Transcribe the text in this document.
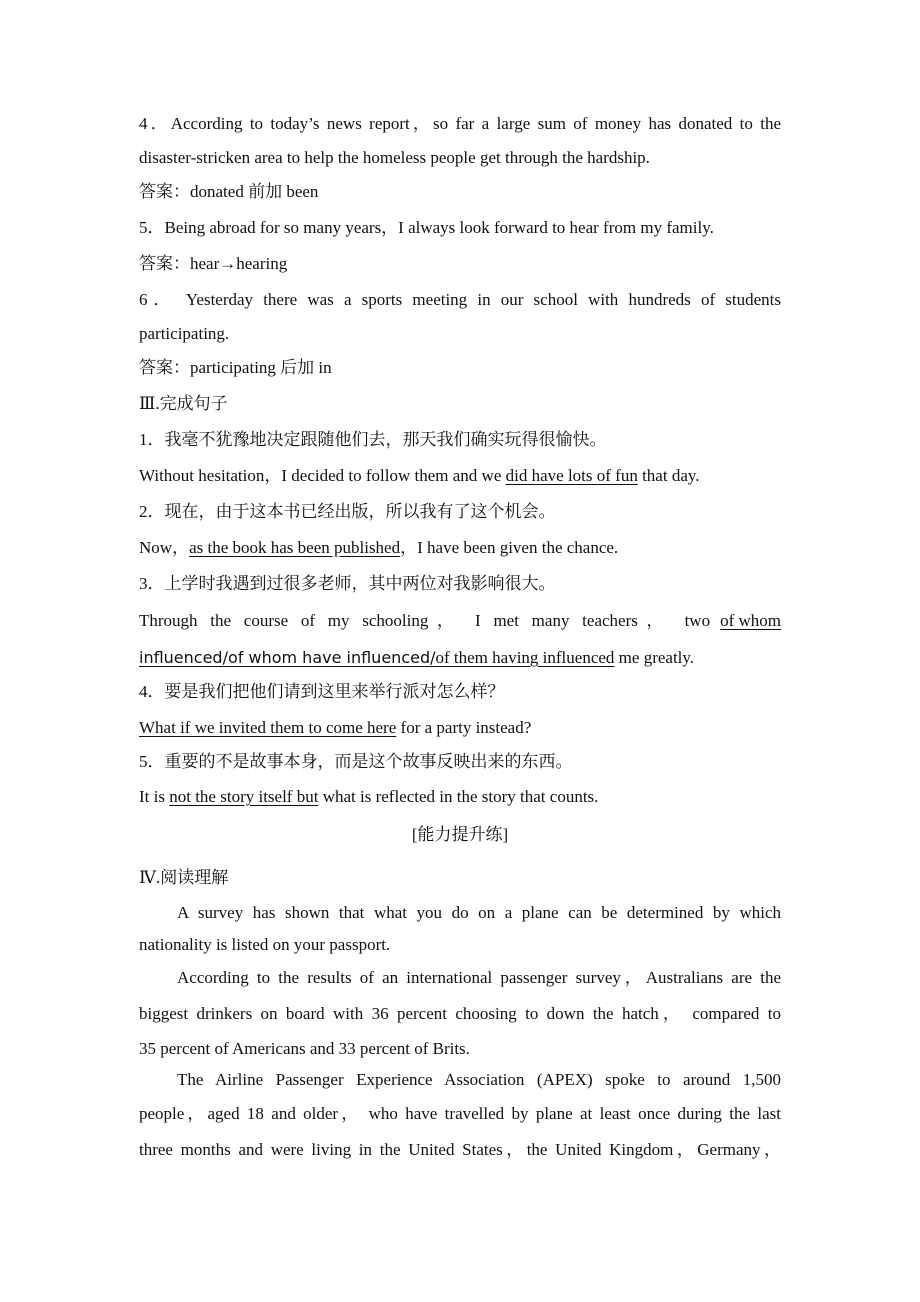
4．According to today’s news report，so far a large sum of money has donated to the
disaster-stricken area to help the homeless people get through the hardship.
答案：donated 前加 been
5．Being abroad for so many years，I always look forward to hear from my family.
答案：hear→hearing
6． Yesterday there was a sports meeting in our school with hundreds of students
participating.
答案：participating 后加 in
Ⅲ.完成句子
1．我毫不犹豫地决定跟随他们去，那天我们确实玩得很愉快。
Without hesitation，I decided to follow them and we did have lots of fun that day.
2．现在，由于这本书已经出版，所以我有了这个机会。
Now，as the book has been published，I have been given the chance.
3．上学时我遇到过很多老师，其中两位对我影响很大。
Through the course of my schooling， I met many teachers， two of whom
influenced/of whom have influenced/of them having influenced me greatly.
4．要是我们把他们请到这里来举行派对怎么样？
What if we invited them to come here for a party instead?
5．重要的不是故事本身，而是这个故事反映出来的东西。
It is not the story itself but what is reflected in the story that counts.
[能力提升练]
Ⅳ.阅读理解
A survey has shown that what you do on a plane can be determined by which
nationality is listed on your passport.
According to the results of an international passenger survey，Australians are the
biggest drinkers on board with 36 percent choosing to down the hatch， compared to
35 percent of Americans and 33 percent of Brits.
The Airline Passenger Experience Association (APEX) spoke to around 1,500
people，aged 18 and older， who have travelled by plane at least once during the last
three months and were living in the United States，the United Kingdom，Germany，
